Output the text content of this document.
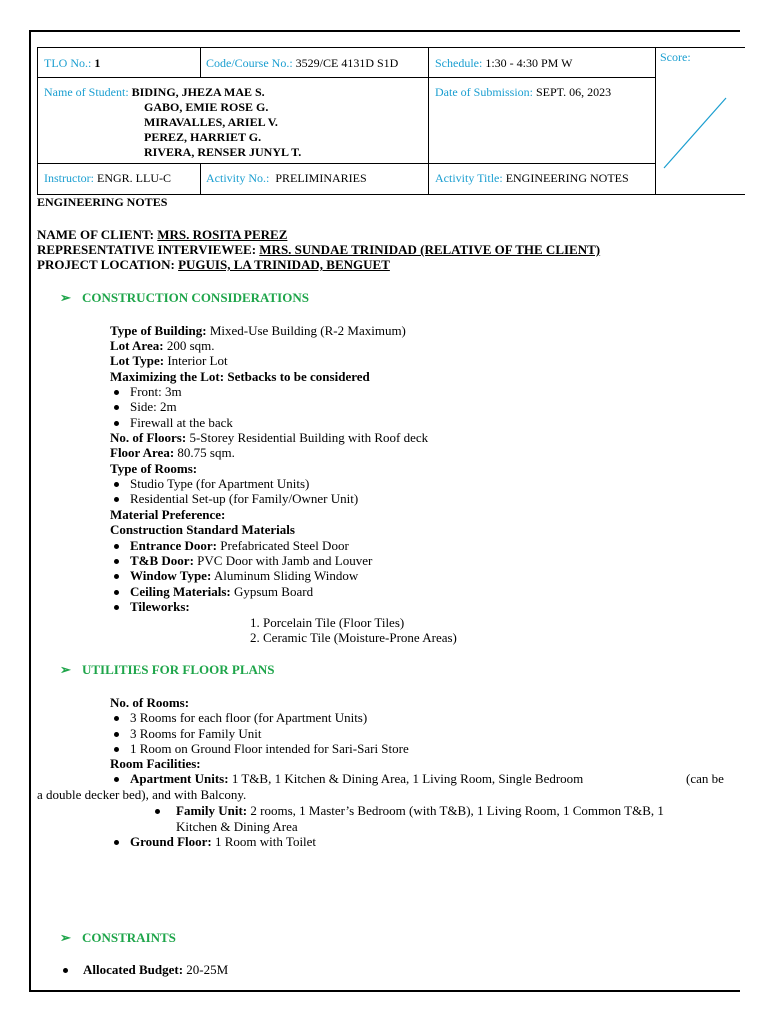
TLO No.: 1	Code/Course No.: 3529/CE 4131D S1D	Schedule: 1:30 - 4:30 PM W	Score:
Name of Student: BIDING, JHEZA MAE S.
GABO, EMIE ROSE G.
MIRAVALLES, ARIEL V.
PEREZ, HARRIET G.
RIVERA, RENSER JUNYL T.
Date of Submission: SEPT. 06, 2023
Instructor: ENGR. LLU-C	Activity No.: PRELIMINARIES	Activity Title: ENGINEERING NOTES
ENGINEERING NOTES
NAME OF CLIENT: MRS. ROSITA PEREZ
REPRESENTATIVE INTERVIEWEE: MRS. SUNDAE TRINIDAD (RELATIVE OF THE CLIENT)
PROJECT LOCATION: PUGUIS, LA TRINIDAD, BENGUET
➢ CONSTRUCTION CONSIDERATIONS
Type of Building: Mixed-Use Building (R-2 Maximum)
Lot Area: 200 sqm.
Lot Type: Interior Lot
Maximizing the Lot: Setbacks to be considered
Front: 3m
Side: 2m
Firewall at the back
No. of Floors: 5-Storey Residential Building with Roof deck
Floor Area: 80.75 sqm.
Type of Rooms:
Studio Type (for Apartment Units)
Residential Set-up (for Family/Owner Unit)
Material Preference:
Construction Standard Materials
Entrance Door: Prefabricated Steel Door
T&B Door: PVC Door with Jamb and Louver
Window Type: Aluminum Sliding Window
Ceiling Materials: Gypsum Board
Tileworks:
1. Porcelain Tile (Floor Tiles)
2. Ceramic Tile (Moisture-Prone Areas)
➢ UTILITIES FOR FLOOR PLANS
No. of Rooms:
3 Rooms for each floor (for Apartment Units)
3 Rooms for Family Unit
1 Room on Ground Floor intended for Sari-Sari Store
Room Facilities:
Apartment Units: 1 T&B, 1 Kitchen & Dining Area, 1 Living Room, Single Bedroom	(can be
a double decker bed), and with Balcony.
Family Unit: 2 rooms, 1 Master’s Bedroom (with T&B), 1 Living Room, 1 Common T&B, 1
Kitchen & Dining Area
Ground Floor: 1 Room with Toilet
➢ CONSTRAINTS
Allocated Budget: 20-25M
